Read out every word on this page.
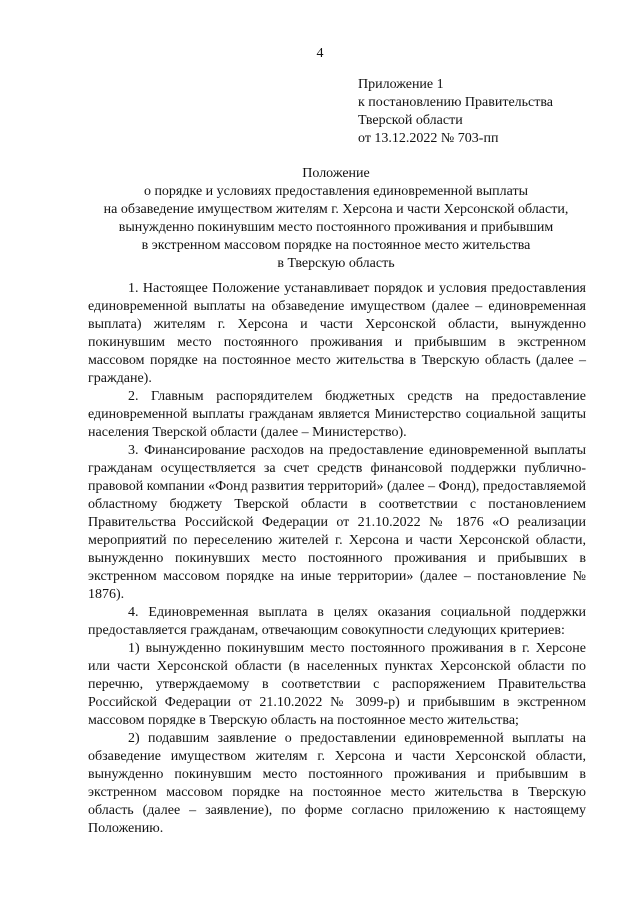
4
Приложение 1
к постановлению Правительства
Тверской области
от 13.12.2022 № 703-пп
Положение
о порядке и условиях предоставления единовременной выплаты
на обзаведение имуществом жителям г. Херсона и части Херсонской области,
вынужденно покинувшим место постоянного проживания и прибывшим
в экстренном массовом порядке на постоянное место жительства
в Тверскую область

1. Настоящее Положение устанавливает порядок и условия предоставления единовременной выплаты на обзаведение имуществом (далее – единовременная выплата) жителям г. Херсона и части Херсонской области, вынужденно покинувшим место постоянного проживания и прибывшим в экстренном массовом порядке на постоянное место жительства в Тверскую область (далее – граждане).

2. Главным распорядителем бюджетных средств на предоставление единовременной выплаты гражданам является Министерство социальной защиты населения Тверской области (далее – Министерство).

3. Финансирование расходов на предоставление единовременной выплаты гражданам осуществляется за счет средств финансовой поддержки публично-правовой компании «Фонд развития территорий» (далее – Фонд), предоставляемой областному бюджету Тверской области в соответствии с постановлением Правительства Российской Федерации от 21.10.2022 № 1876 «О реализации мероприятий по переселению жителей г. Херсона и части Херсонской области, вынужденно покинувших место постоянного проживания и прибывших в экстренном массовом порядке на иные территории» (далее – постановление № 1876).

4. Единовременная выплата в целях оказания социальной поддержки предоставляется гражданам, отвечающим совокупности следующих критериев:

1) вынужденно покинувшим место постоянного проживания в г. Херсоне или части Херсонской области (в населенных пунктах Херсонской области по перечню, утверждаемому в соответствии с распоряжением Правительства Российской Федерации от 21.10.2022 № 3099-р) и прибывшим в экстренном массовом порядке в Тверскую область на постоянное место жительства;

2) подавшим заявление о предоставлении единовременной выплаты на обзаведение имуществом жителям г. Херсона и части Херсонской области, вынужденно покинувшим место постоянного проживания и прибывшим в экстренном массовом порядке на постоянное место жительства в Тверскую область (далее – заявление), по форме согласно приложению к настоящему Положению.
